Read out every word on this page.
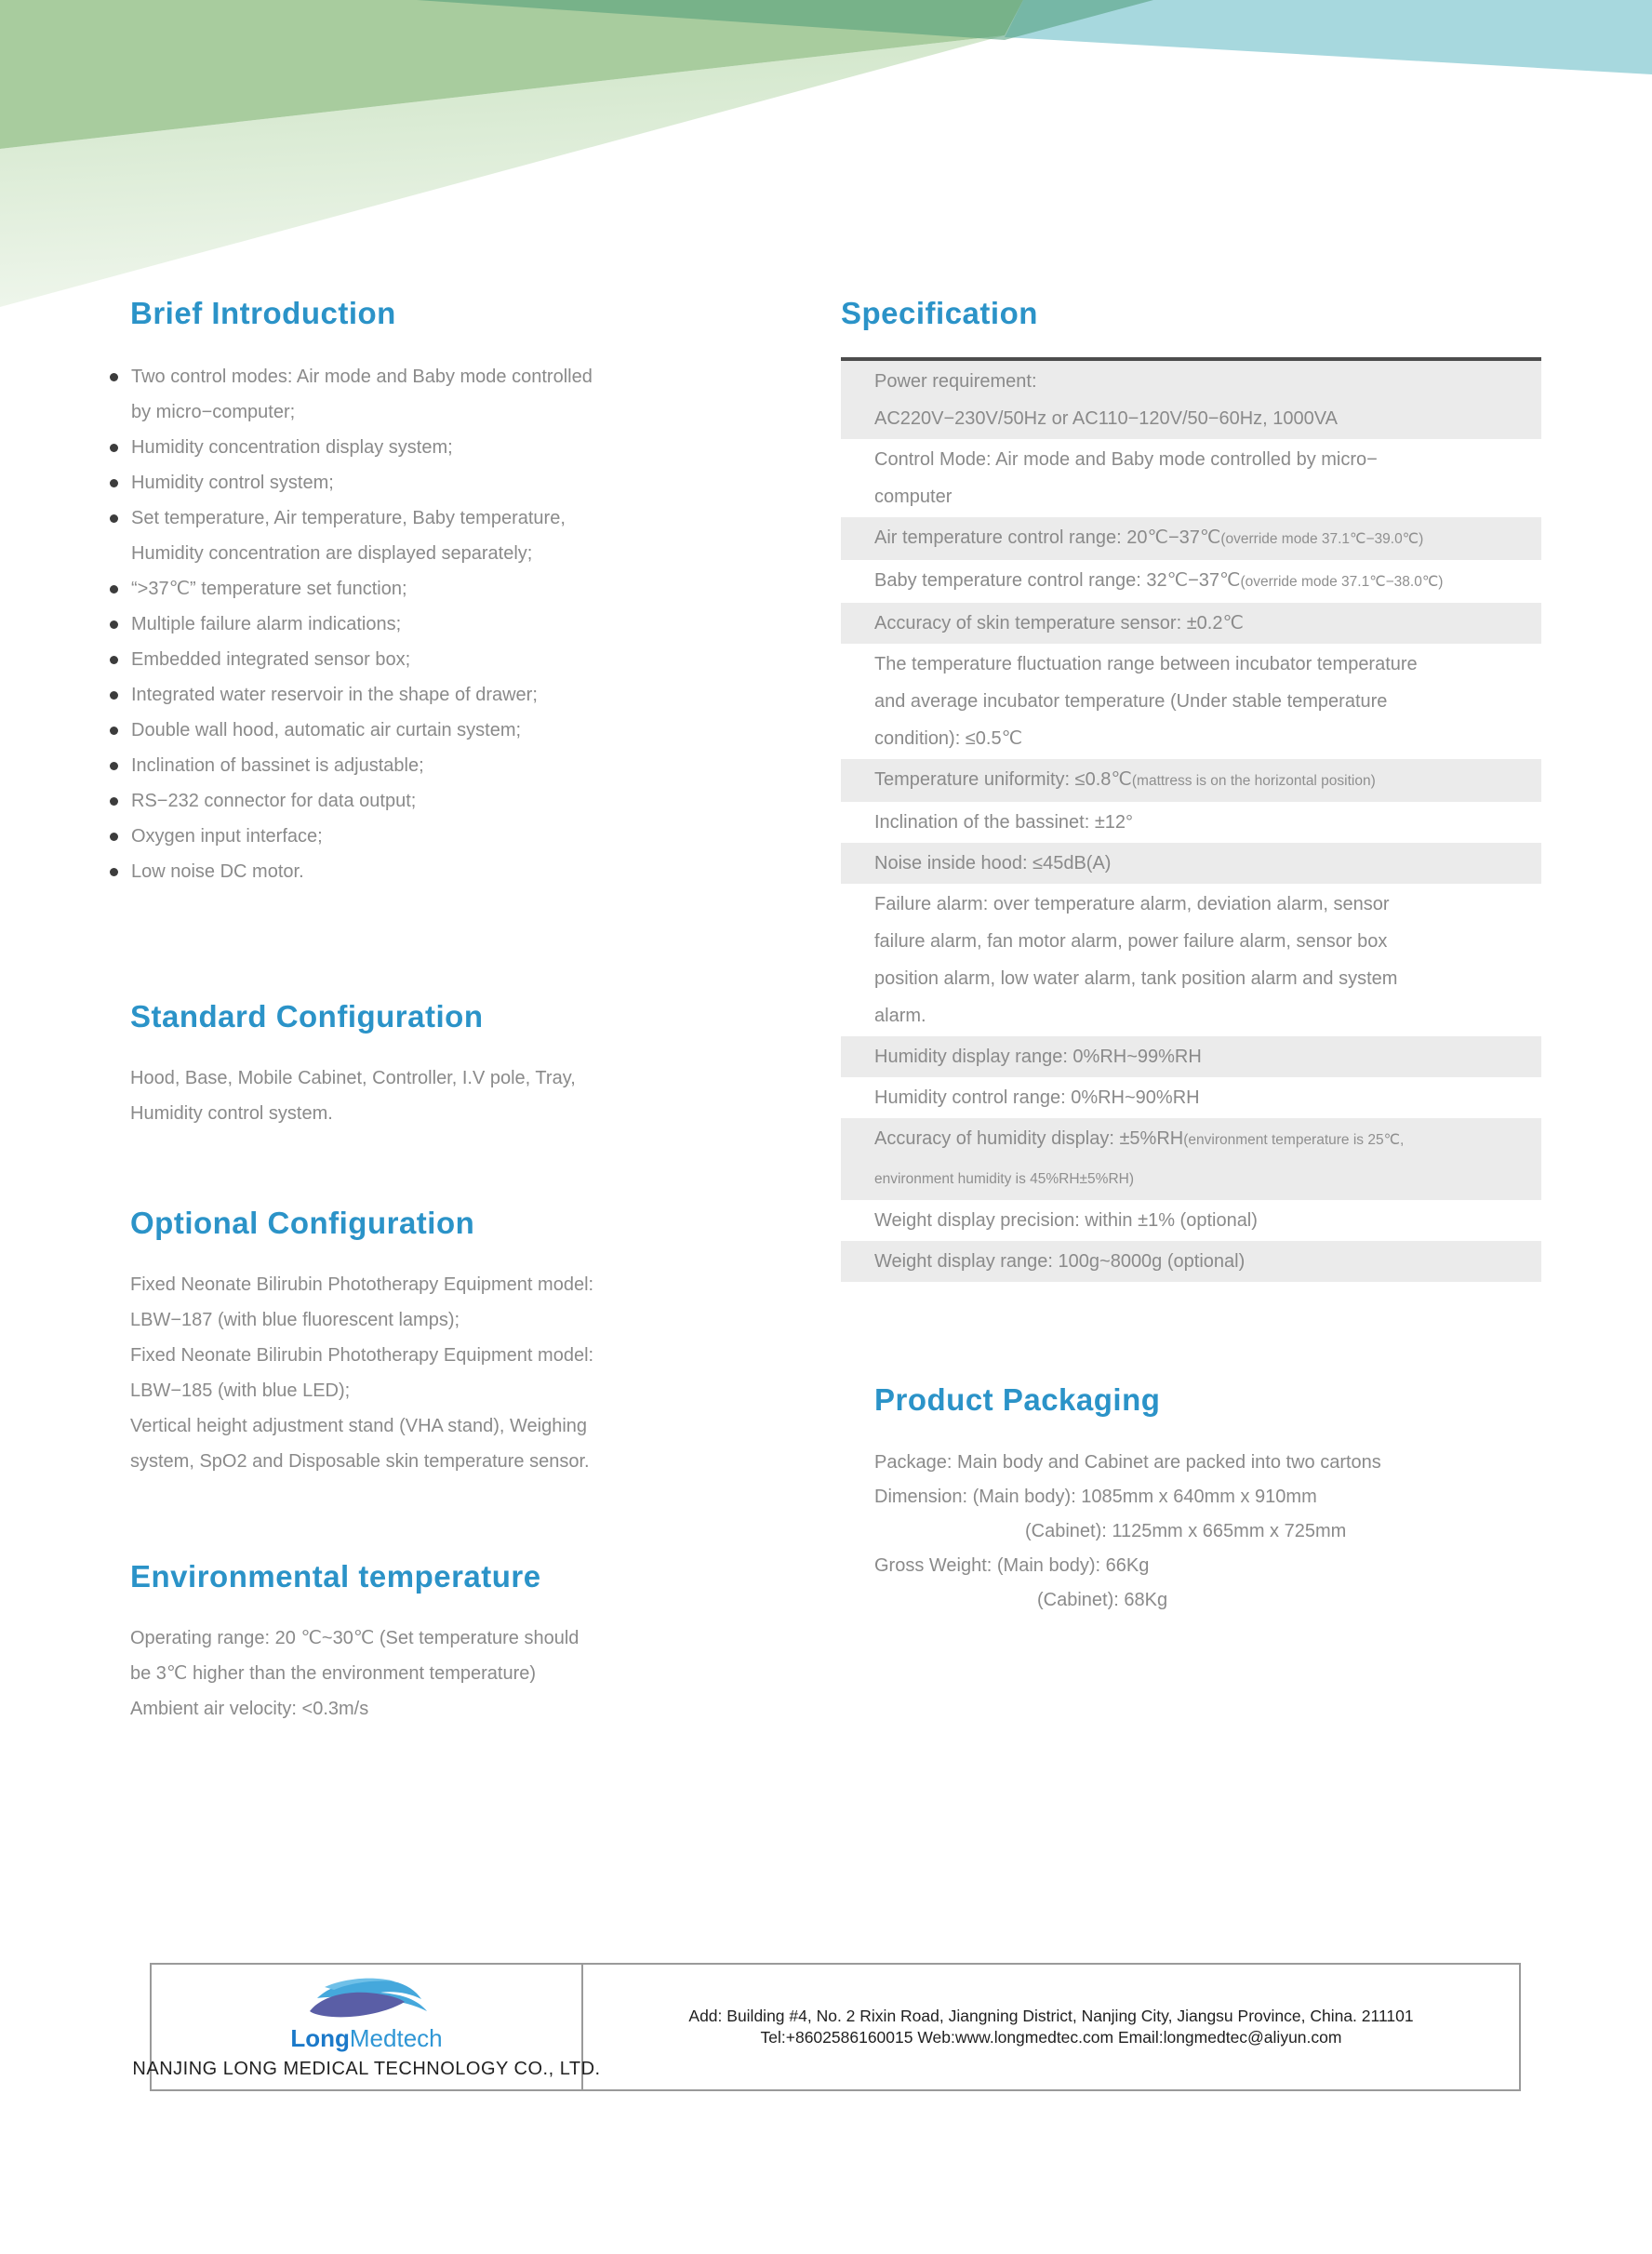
Brief Introduction
Two control modes: Air mode and Baby mode controlled
by micro−computer;
Humidity concentration display system;
Humidity control system;
Set temperature, Air temperature, Baby temperature,
Humidity concentration are displayed separately;
“>37℃” temperature set function;
Multiple failure alarm indications;
Embedded integrated sensor box;
Integrated water reservoir in the shape of drawer;
Double wall hood, automatic air curtain system;
Inclination of bassinet is adjustable;
RS−232 connector for data output;
Oxygen input interface;
Low noise DC motor.
Standard Configuration
Hood, Base, Mobile Cabinet, Controller, I.V pole, Tray,
Humidity control system.
Optional Configuration
Fixed Neonate Bilirubin Phototherapy Equipment model:
LBW−187 (with blue fluorescent lamps);
Fixed Neonate Bilirubin Phototherapy Equipment model:
LBW−185 (with blue LED);
Vertical height adjustment stand (VHA stand), Weighing
system, SpO2 and Disposable skin temperature sensor.
Environmental temperature
Operating range: 20 ℃~30℃ (Set temperature should
be 3℃ higher than the environment temperature)
Ambient air velocity: <0.3m/s
Specification
Power requirement:
AC220V−230V/50Hz or AC110−120V/50−60Hz, 1000VA
Control Mode: Air mode and Baby mode controlled by micro−
computer
Air temperature control range: 20℃−37℃(override mode 37.1℃−39.0℃)
Baby temperature control range: 32℃−37℃(override mode 37.1℃−38.0℃)
Accuracy of skin temperature sensor: ±0.2℃
The temperature fluctuation range between incubator temperature
and average incubator temperature (Under stable temperature
condition): ≤0.5℃
Temperature uniformity: ≤0.8℃(mattress is on the horizontal position)
Inclination of the bassinet: ±12°
Noise inside hood: ≤45dB(A)
Failure alarm: over temperature alarm, deviation alarm, sensor
failure alarm, fan motor alarm, power failure alarm, sensor box
position alarm, low water alarm, tank position alarm and system
alarm.
Humidity display range: 0%RH~99%RH
Humidity control range: 0%RH~90%RH
Accuracy of humidity display: ±5%RH(environment temperature is 25℃,
environment humidity is 45%RH±5%RH)
Weight display precision: within ±1% (optional)
Weight display range: 100g~8000g (optional)
Product Packaging
Package: Main body and Cabinet are packed into two cartons
Dimension: (Main body): 1085mm x 640mm x 910mm
(Cabinet): 1125mm x 665mm x 725mm
Gross Weight: (Main body): 66Kg
(Cabinet): 68Kg
LongMedtech
NANJING LONG MEDICAL TECHNOLOGY CO., LTD.
Add: Building #4, No. 2 Rixin Road, Jiangning District, Nanjing City, Jiangsu Province, China. 211101
Tel:+8602586160015 Web:www.longmedtec.com Email:longmedtec@aliyun.com
